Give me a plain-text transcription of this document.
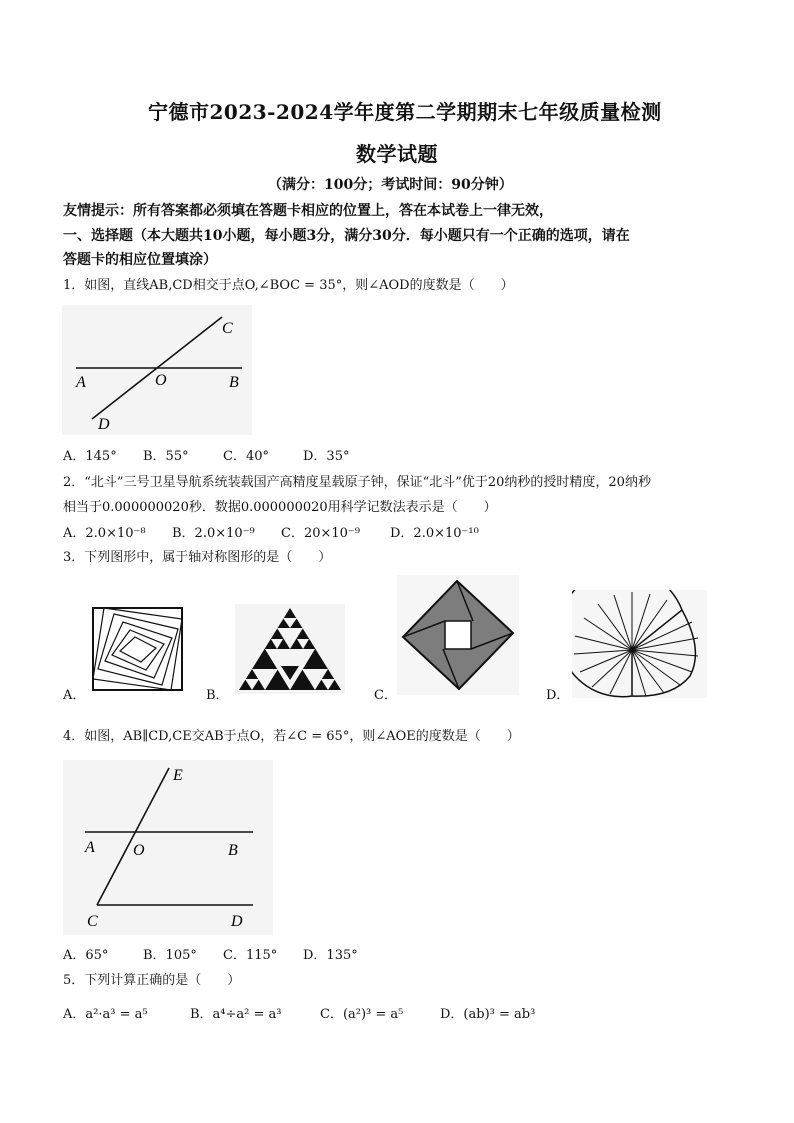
宁德市2023-2024学年度第二学期期末七年级质量检测
数学试题
（满分：100分；考试时间：90分钟）
友情提示：所有答案都必须填在答题卡相应的位置上，答在本试卷上一律无效，
一、选择题（本大题共10小题，每小题3分，满分30分．每小题只有一个正确的选项，请在
答题卡的相应位置填涂）
1．如图，直线AB,CD相交于点O,∠BOC = 35°，则∠AOD的度数是（　　）
A	O	B
C
D
A．145° B．55°	C．40°	D．35°
2．“北斗”三号卫星导航系统装载国产高精度星载原子钟，保证“北斗”优于20纳秒的授时精度，20纳秒
相当于0.000000020秒．数据0.000000020用科学记数法表示是（　　）
A．2.0×10⁻⁸ B．2.0×10⁻⁹ C．20×10⁻⁹ D．2.0×10⁻¹⁰
3．下列图形中，属于轴对称图形的是（　　）
A．	B．	C．	D．
4．如图，AB∥CD,CE交AB于点O，若∠C = 65°，则∠AOE的度数是（　　）
E
A O	B
C	D
A．65°	B．105° C．115° D．135°
5．下列计算正确的是（　　）
A．a²·a³ = a⁵	B．a⁴÷a² = a³	C．(a²)³ = a⁵	D．(ab)³ = ab³
